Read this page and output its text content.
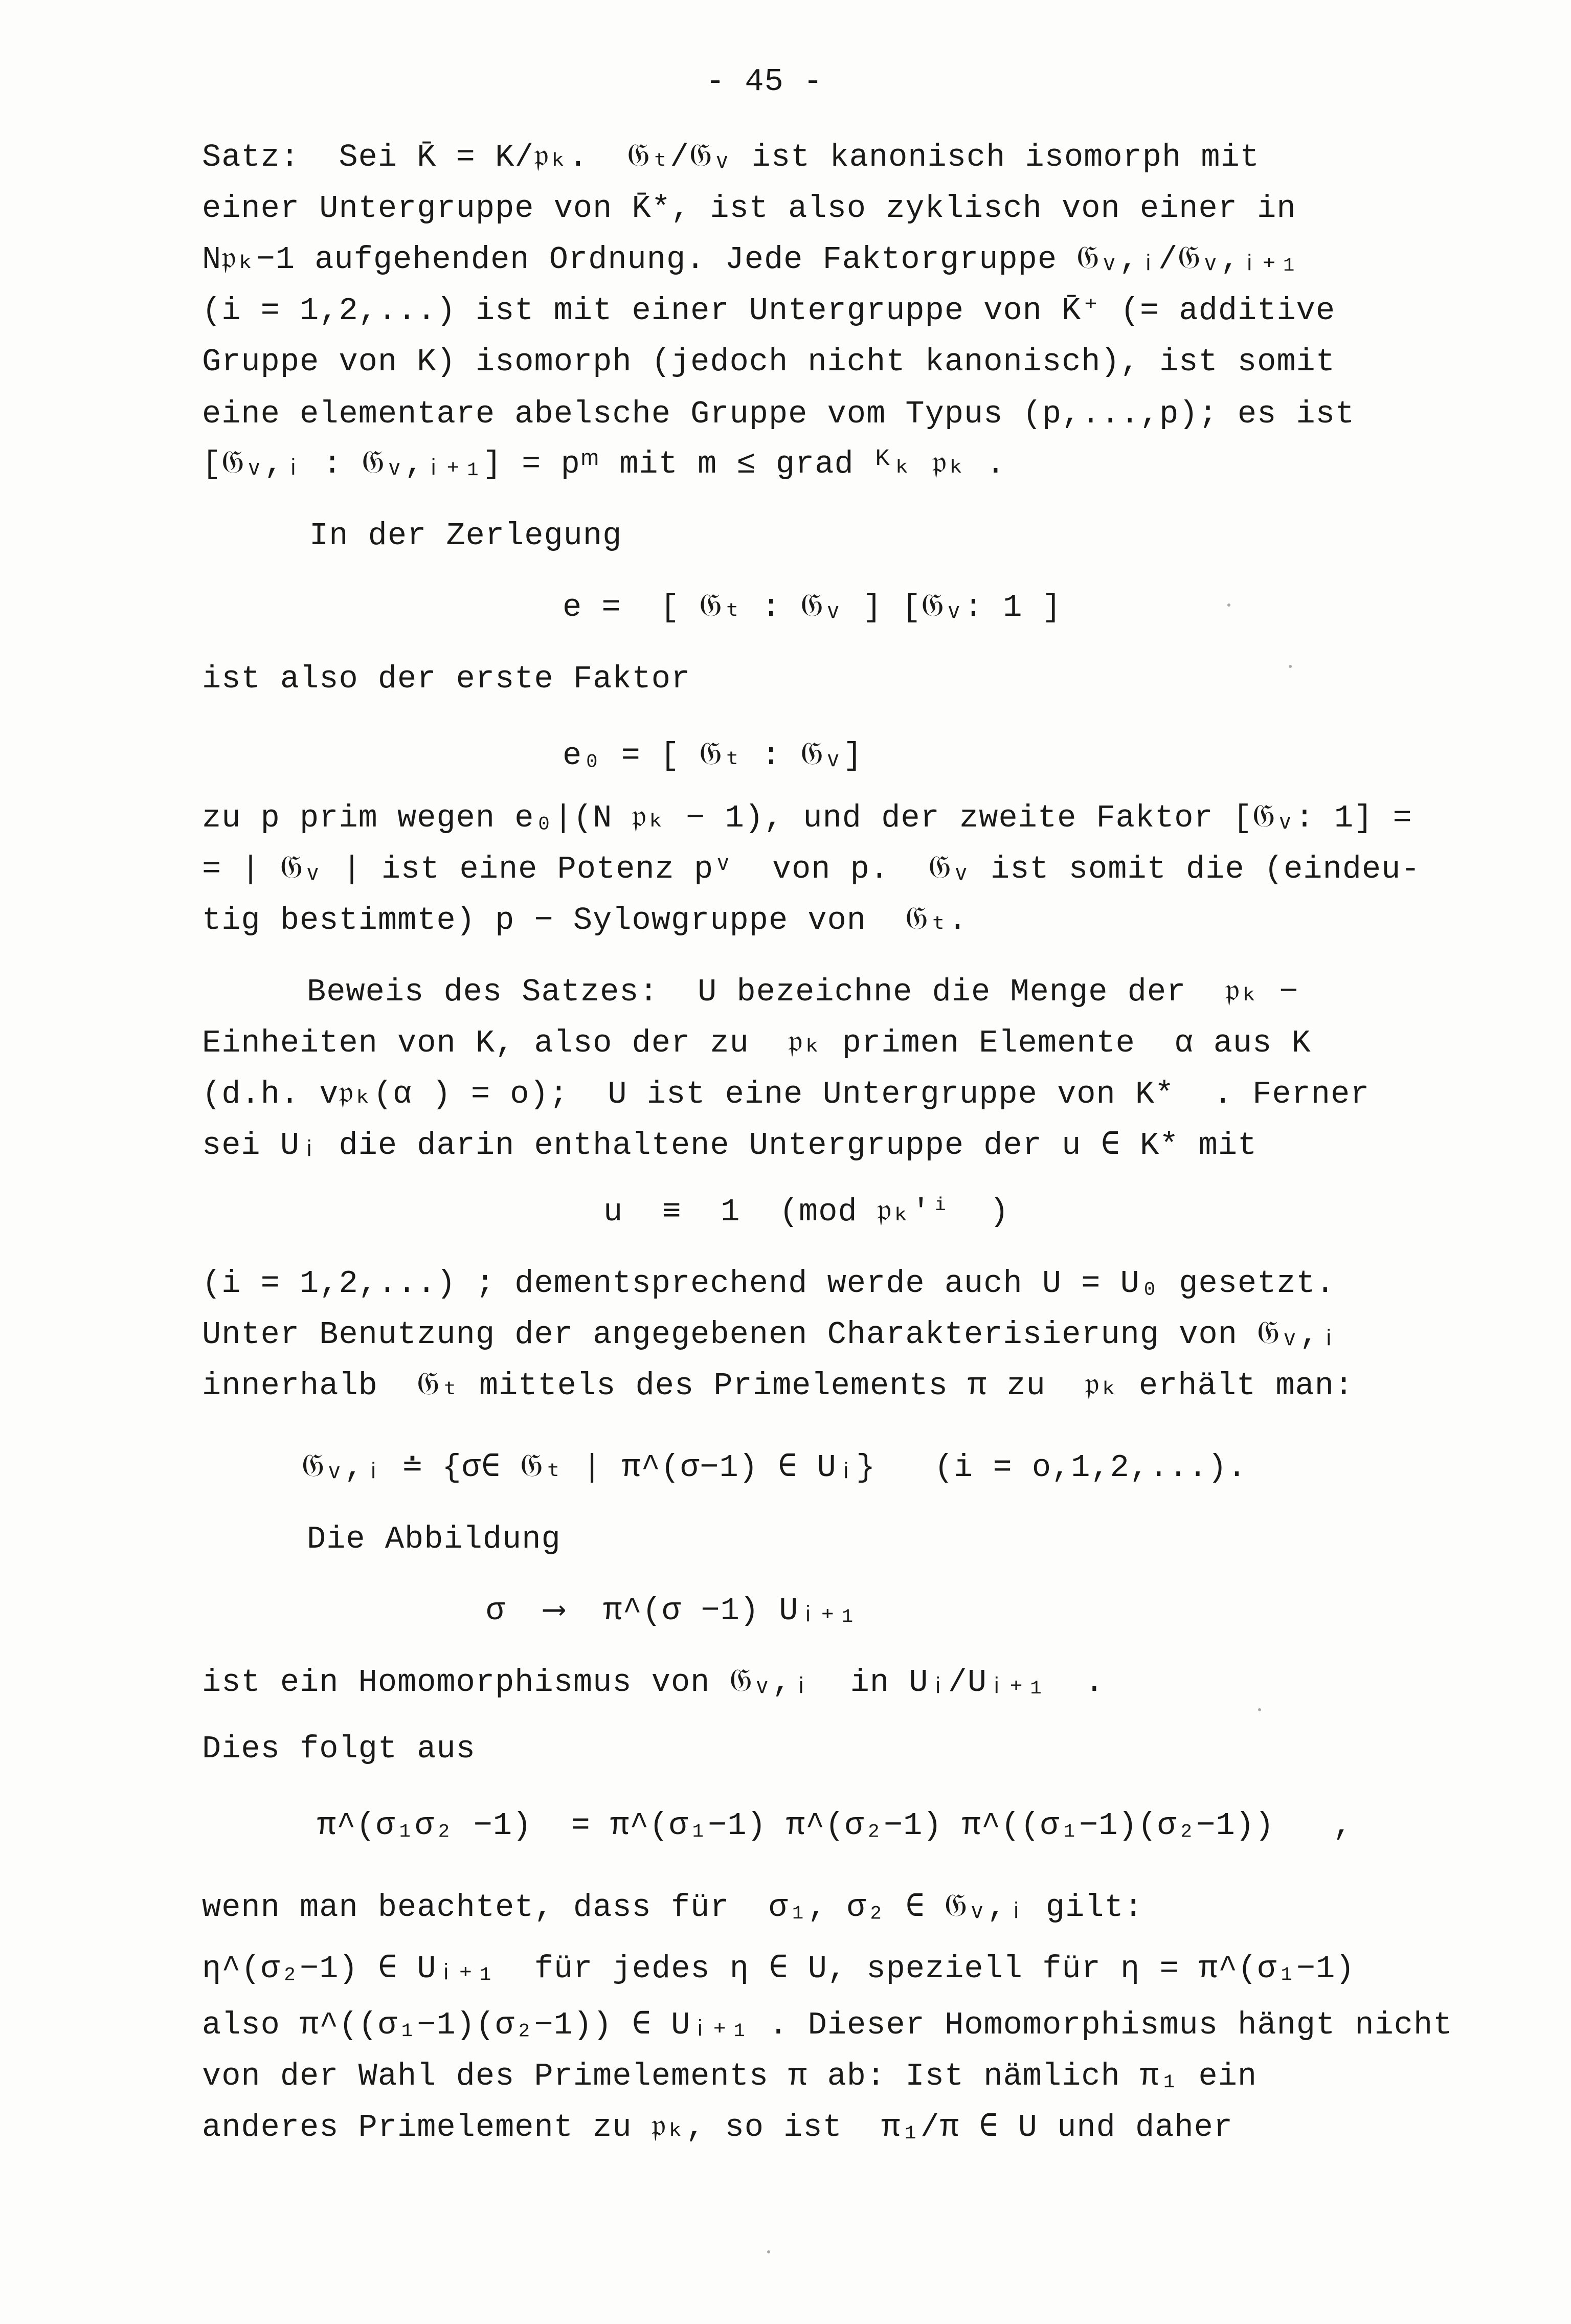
- 45 -
Satz:  Sei K̄ = K/𝔭ₖ.  𝔊ₜ/𝔊ᵥ ist kanonisch isomorph mit
einer Untergruppe von K̄*, ist also zyklisch von einer in
N𝔭ₖ−1 aufgehenden Ordnung. Jede Faktorgruppe 𝔊ᵥ,ᵢ/𝔊ᵥ,ᵢ₊₁
(i = 1,2,...) ist mit einer Untergruppe von K̄⁺ (= additive
Gruppe von K) isomorph (jedoch nicht kanonisch), ist somit
eine elementare abelsche Gruppe vom Typus (p,...,p); es ist
[𝔊ᵥ,ᵢ : 𝔊ᵥ,ᵢ₊₁] = pᵐ mit m ≤ grad ᴷₖ 𝔭ₖ .
In der Zerlegung
e =  [ 𝔊ₜ : 𝔊ᵥ ] [𝔊ᵥ: 1 ]
ist also der erste Faktor
e₀ = [ 𝔊ₜ : 𝔊ᵥ]
zu p prim wegen e₀|(N 𝔭ₖ − 1), und der zweite Faktor [𝔊ᵥ: 1] =
= | 𝔊ᵥ | ist eine Potenz pᵛ  von p.  𝔊ᵥ ist somit die (eindeu-
tig bestimmte) p − Sylowgruppe von  𝔊ₜ.
Beweis des Satzes:  U bezeichne die Menge der  𝔭ₖ −
Einheiten von K, also der zu  𝔭ₖ primen Elemente  α aus K
(d.h. v𝔭ₖ(α ) = o);  U ist eine Untergruppe von K*  . Ferner
sei Uᵢ die darin enthaltene Untergruppe der u ∈ K* mit
u  ≡  1  (mod 𝔭ₖ'ⁱ  )
(i = 1,2,...) ; dementsprechend werde auch U = U₀ gesetzt.
Unter Benutzung der angegebenen Charakterisierung von 𝔊ᵥ,ᵢ
innerhalb  𝔊ₜ mittels des Primelements π zu  𝔭ₖ erhält man:
𝔊ᵥ,ᵢ ≐ {σ∈ 𝔊ₜ | π^(σ−1) ∈ Uᵢ}   (i = o,1,2,...).
Die Abbildung
σ  ⟶  π^(σ −1) Uᵢ₊₁
ist ein Homomorphismus von 𝔊ᵥ,ᵢ  in Uᵢ/Uᵢ₊₁  .
Dies folgt aus
π^(σ₁σ₂ −1)  = π^(σ₁−1) π^(σ₂−1) π^((σ₁−1)(σ₂−1))   ,
wenn man beachtet, dass für  σ₁, σ₂ ∈ 𝔊ᵥ,ᵢ gilt:
η^(σ₂−1) ∈ Uᵢ₊₁  für jedes η ∈ U, speziell für η = π^(σ₁−1)
also π^((σ₁−1)(σ₂−1)) ∈ Uᵢ₊₁ . Dieser Homomorphismus hängt nicht
von der Wahl des Primelements π ab: Ist nämlich π₁ ein
anderes Primelement zu 𝔭ₖ, so ist  π₁/π ∈ U und daher
